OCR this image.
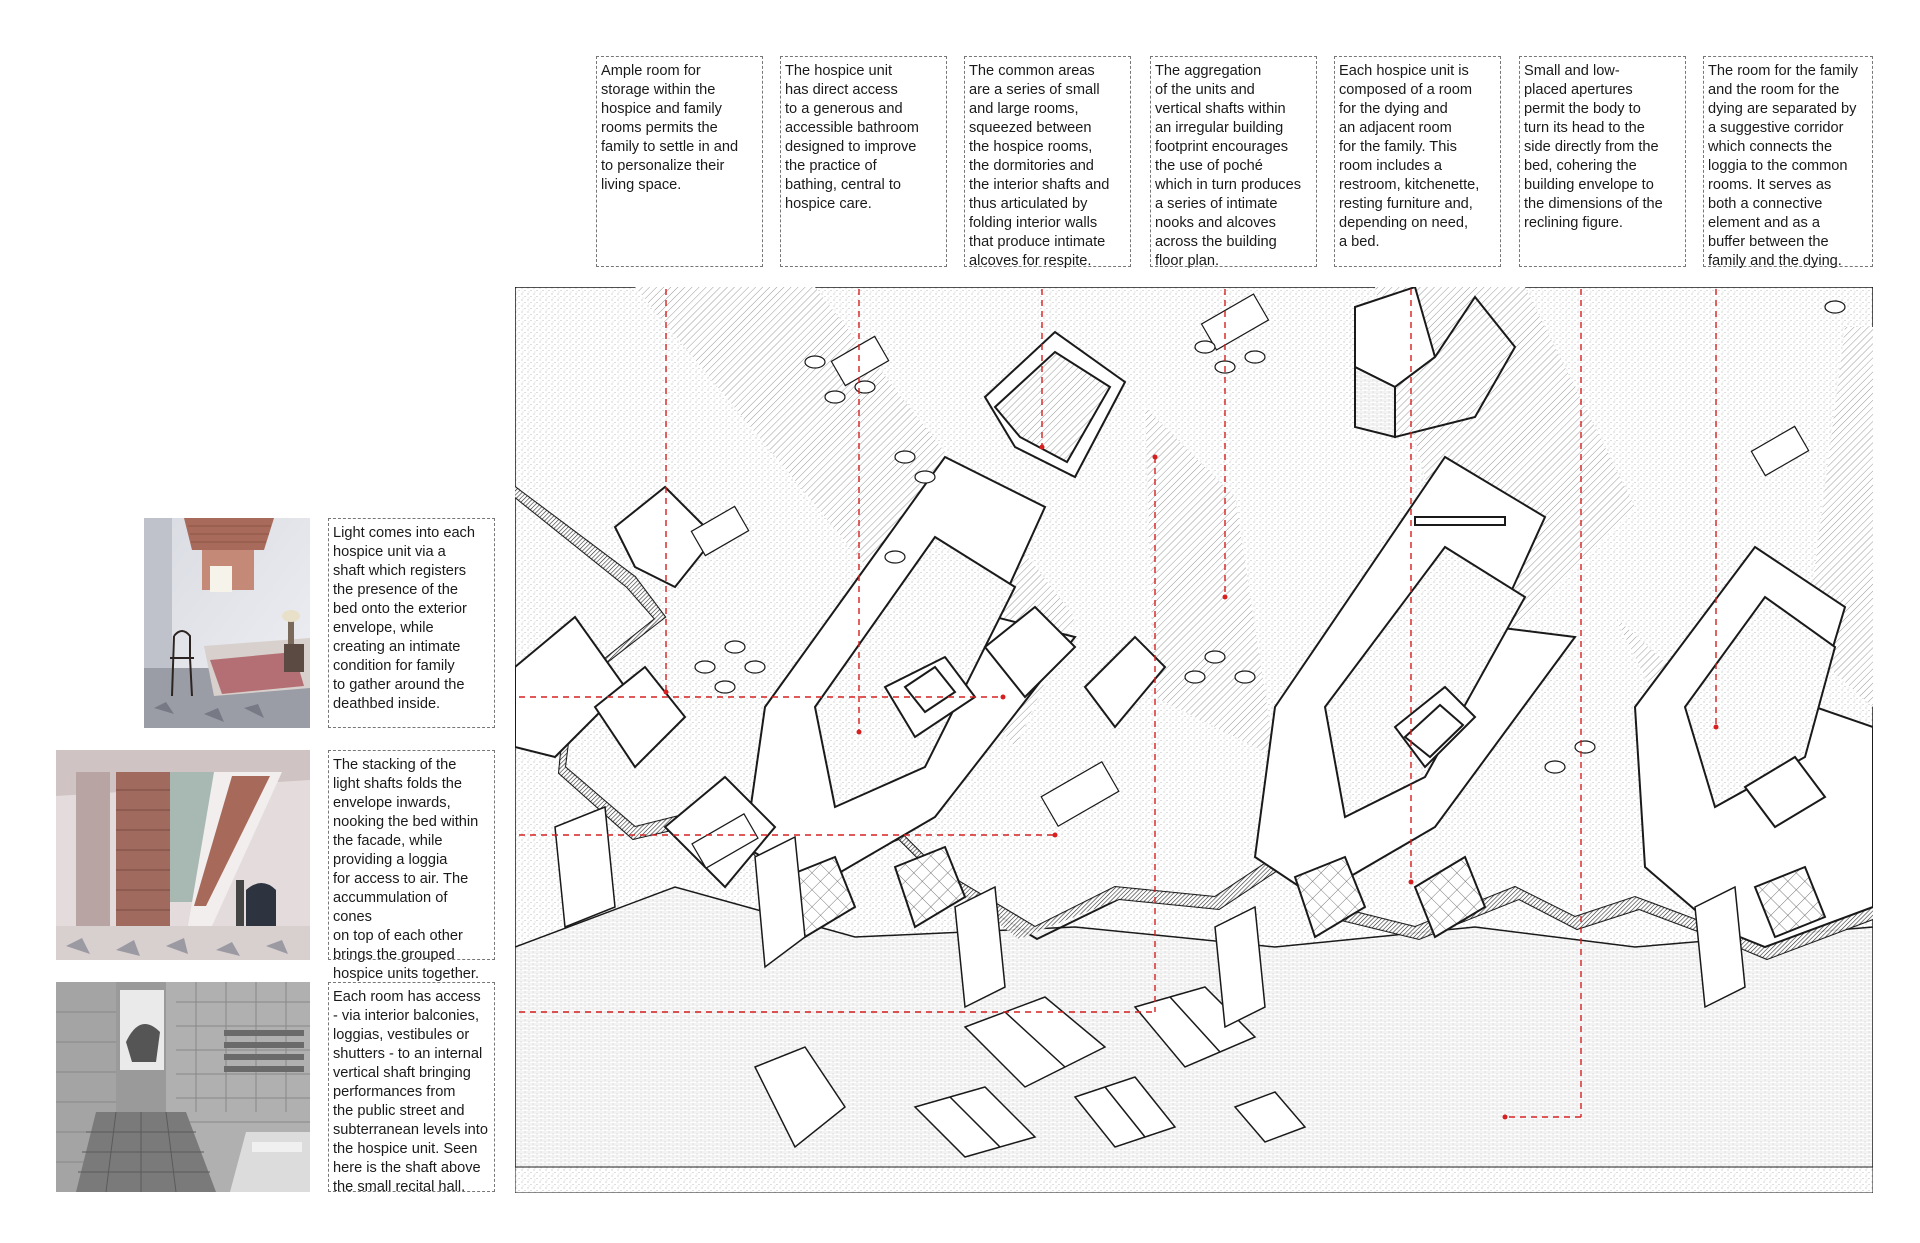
Ample room for
storage within the
hospice and family
rooms permits the
family to settle in and
to personalize their
living space.

The hospice unit
has direct access
to a generous and
accessible bathroom
designed to improve
the practice of
bathing, central to
hospice care.

The common areas
are a series of small
and large rooms,
squeezed between
the hospice rooms,
the dormitories and
the interior shafts and
thus articulated by
folding interior walls
that produce intimate
alcoves for respite.

The aggregation
of the units and
vertical shafts within
an irregular building
footprint encourages
the use of poché
which in turn produces
a series of intimate
nooks and alcoves
across the building
floor plan.

Each hospice unit is
composed of a room
for the dying and
an adjacent room
for the family. This
room includes a
restroom, kitchenette,
resting furniture and,
depending on need,
a bed.

Small and low-
placed apertures
permit the body to
turn its head to the
side directly from the
bed, cohering the
building envelope to
the dimensions of the
reclining figure.

The room for the family
and the room for the
dying are separated by
a suggestive corridor
which connects the
loggia to the common
rooms. It serves as
both a connective
element and as a
buffer between the
family and the dying.

Light comes into each
hospice unit via a
shaft which registers
the presence of the
bed onto the exterior
envelope, while
creating an intimate
condition for family
to gather around the
deathbed inside.

The stacking of the
light shafts folds the
envelope inwards,
nooking the bed within
the facade, while
providing a loggia
for access to air. The
accummulation of cones
on top of each other
brings the grouped
hospice units together.

Each room has access
- via interior balconies,
loggias, vestibules or
shutters - to an internal
vertical shaft bringing
performances from
the public street and
subterranean levels into
the hospice unit. Seen
here is the shaft above
the small recital hall.
